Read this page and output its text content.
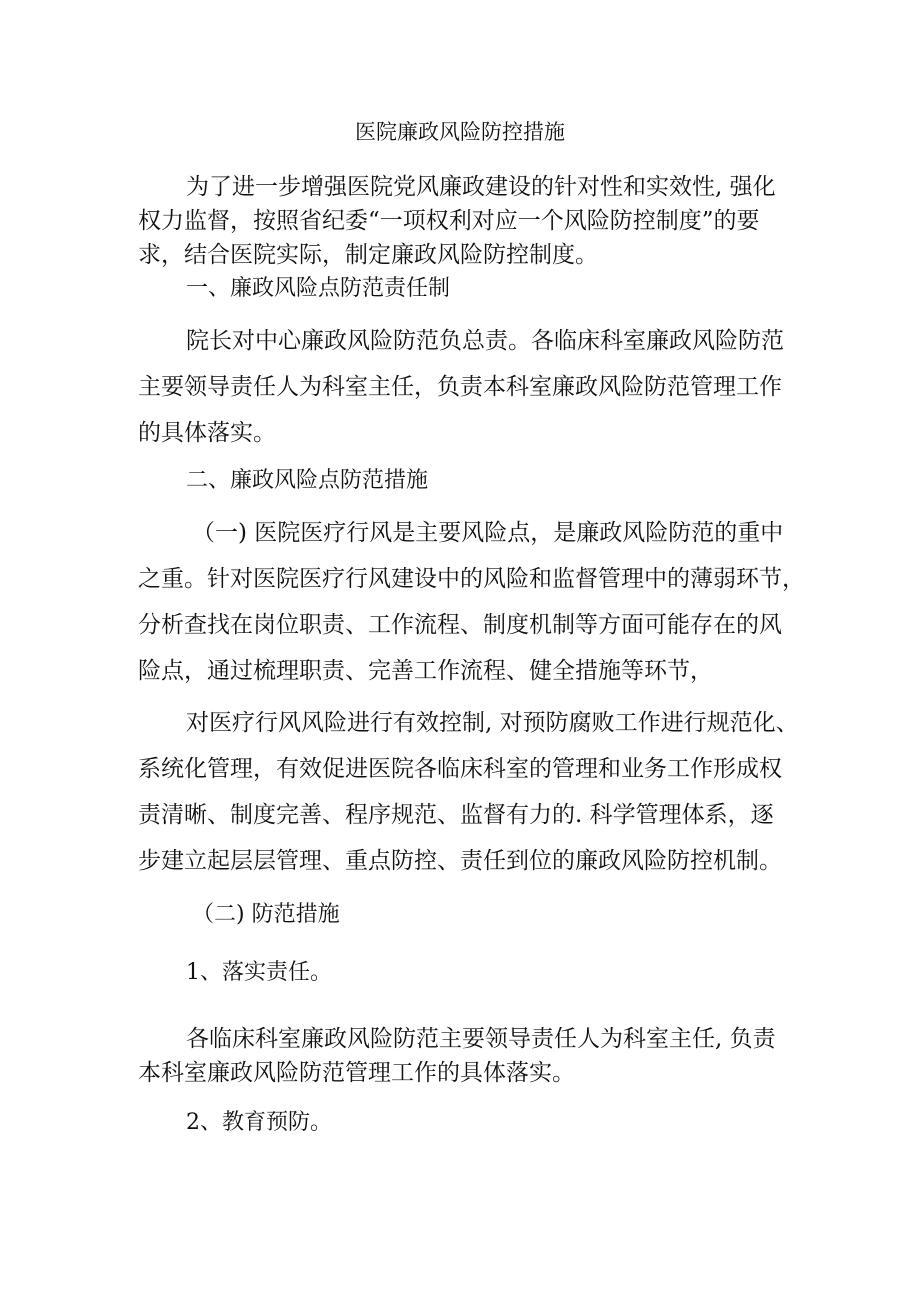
医院廉政风险防控措施
为了进一步增强医院党风廉政建设的针对性和实效性, 强化
权力监督，按照省纪委“一项权利对应一个风险防控制度”的要
求，结合医院实际，制定廉政风险防控制度。
一、廉政风险点防范责任制
院长对中心廉政风险防范负总责。各临床科室廉政风险防范
主要领导责任人为科室主任，负责本科室廉政风险防范管理工作
的具体落实。
二、廉政风险点防范措施
（一) 医院医疗行风是主要风险点，是廉政风险防范的重中
之重。针对医院医疗行风建设中的风险和监督管理中的薄弱环节，
分析查找在岗位职责、工作流程、制度机制等方面可能存在的风
险点，通过梳理职责、完善工作流程、健全措施等环节，
对医疗行风风险进行有效控制, 对预防腐败工作进行规范化、
系统化管理，有效促进医院各临床科室的管理和业务工作形成权
责清晰、制度完善、程序规范、监督有力的. 科学管理体系，逐
步建立起层层管理、重点防控、责任到位的廉政风险防控机制。
（二) 防范措施
1、落实责任。
各临床科室廉政风险防范主要领导责任人为科室主任, 负责
本科室廉政风险防范管理工作的具体落实。
2、教育预防。
